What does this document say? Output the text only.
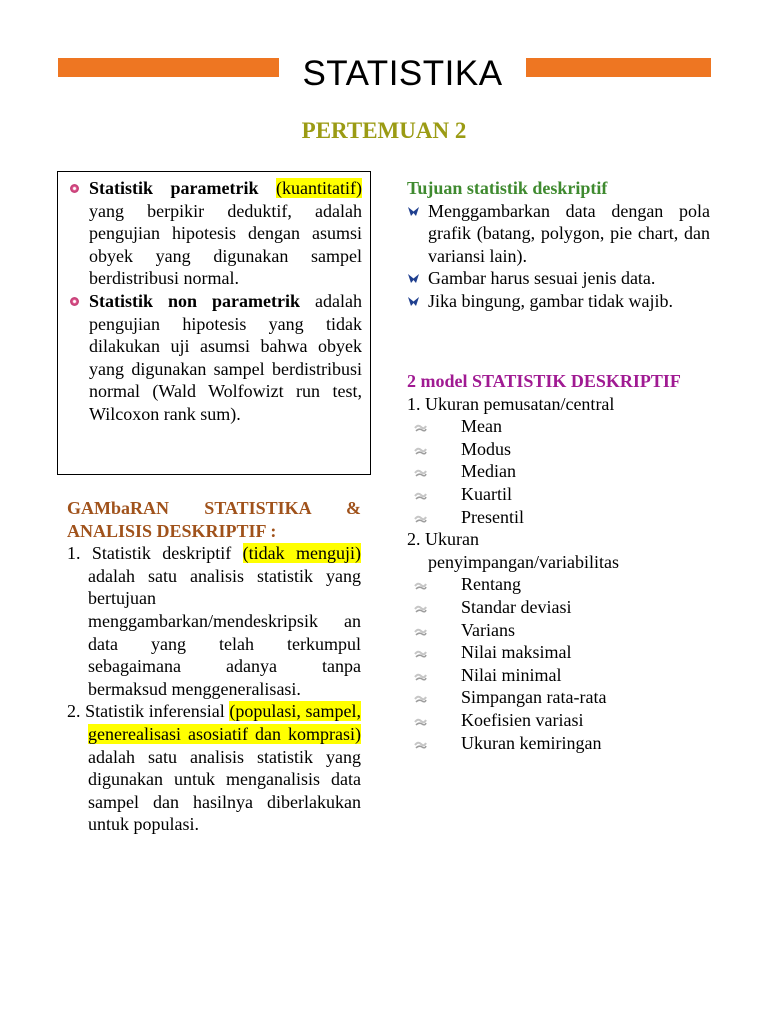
STATISTIKA
PERTEMUAN 2
Statistik parametrik (kuantitatif) yang berpikir deduktif, adalah pengujian hipotesis dengan asumsi obyek yang digunakan sampel berdistribusi normal.
Statistik non parametrik adalah pengujian hipotesis yang tidak dilakukan uji asumsi bahwa obyek yang digunakan sampel berdistribusi normal (Wald Wolfowizt run test, Wilcoxon rank sum).
GAMbaRAN STATISTIKA & ANALISIS DESKRIPTIF :
1. Statistik deskriptif (tidak menguji) adalah satu analisis statistik yang bertujuan menggambarkan/mendeskripsik an data yang telah terkumpul sebagaimana adanya tanpa bermaksud menggeneralisasi.
2. Statistik inferensial (populasi, sampel, generealisasi asosiatif dan komprasi) adalah satu analisis statistik yang digunakan untuk menganalisis data sampel dan hasilnya diberlakukan untuk populasi.
Tujuan statistik deskriptif
Menggambarkan data dengan pola grafik (batang, polygon, pie chart, dan variansi lain).
Gambar harus sesuai jenis data.
Jika bingung, gambar tidak wajib.
2 model STATISTIK DESKRIPTIF
1. Ukuran pemusatan/central
Mean
Modus
Median
Kuartil
Presentil
2. Ukuran
penyimpangan/variabilitas
Rentang
Standar deviasi
Varians
Nilai maksimal
Nilai minimal
Simpangan rata-rata
Koefisien variasi
Ukuran kemiringan
